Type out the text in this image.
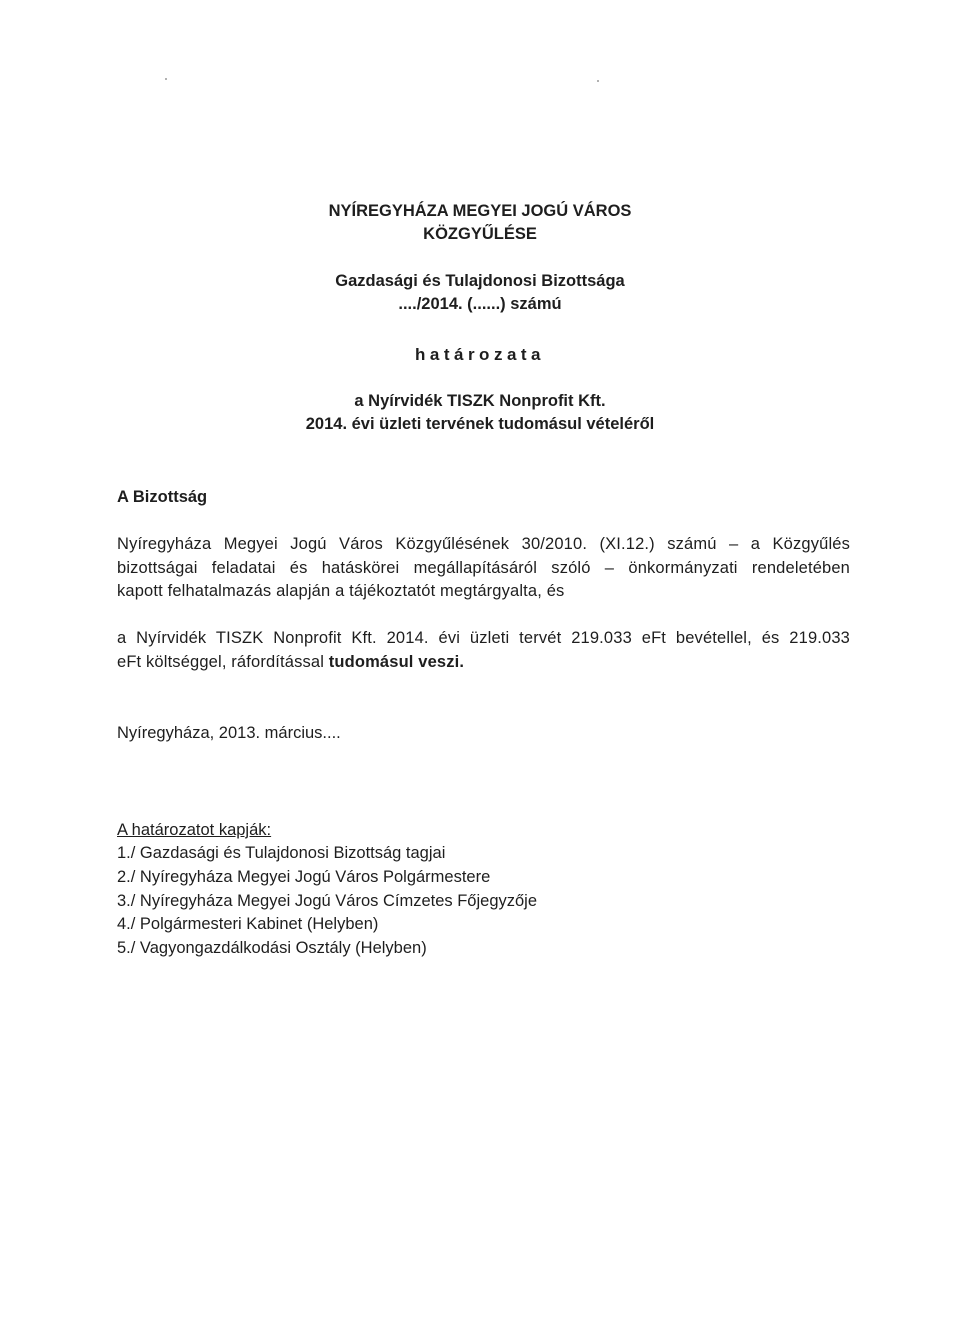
NYÍREGYHÁZA MEGYEI JOGÚ VÁROS
KÖZGYŰLÉSE
Gazdasági és Tulajdonosi Bizottsága
..../2014. (......) számú
határozata
a Nyírvidék TISZK Nonprofit Kft.
2014. évi üzleti tervének tudomásul vételéről
A Bizottság
Nyíregyháza Megyei Jogú Város Közgyűlésének 30/2010. (XI.12.) számú – a Közgyűlés
bizottságai feladatai és hatáskörei megállapításáról szóló – önkormányzati rendeletében
kapott felhatalmazás alapján a tájékoztatót megtárgyalta, és
a Nyírvidék TISZK Nonprofit Kft. 2014. évi üzleti tervét 219.033 eFt bevétellel, és 219.033
eFt költséggel, ráfordítással tudomásul veszi.
Nyíregyháza, 2013. március....
A határozatot kapják:
1./ Gazdasági és Tulajdonosi Bizottság tagjai
2./ Nyíregyháza Megyei Jogú Város Polgármestere
3./ Nyíregyháza Megyei Jogú Város Címzetes Főjegyzője
4./ Polgármesteri Kabinet (Helyben)
5./ Vagyongazdálkodási Osztály (Helyben)
